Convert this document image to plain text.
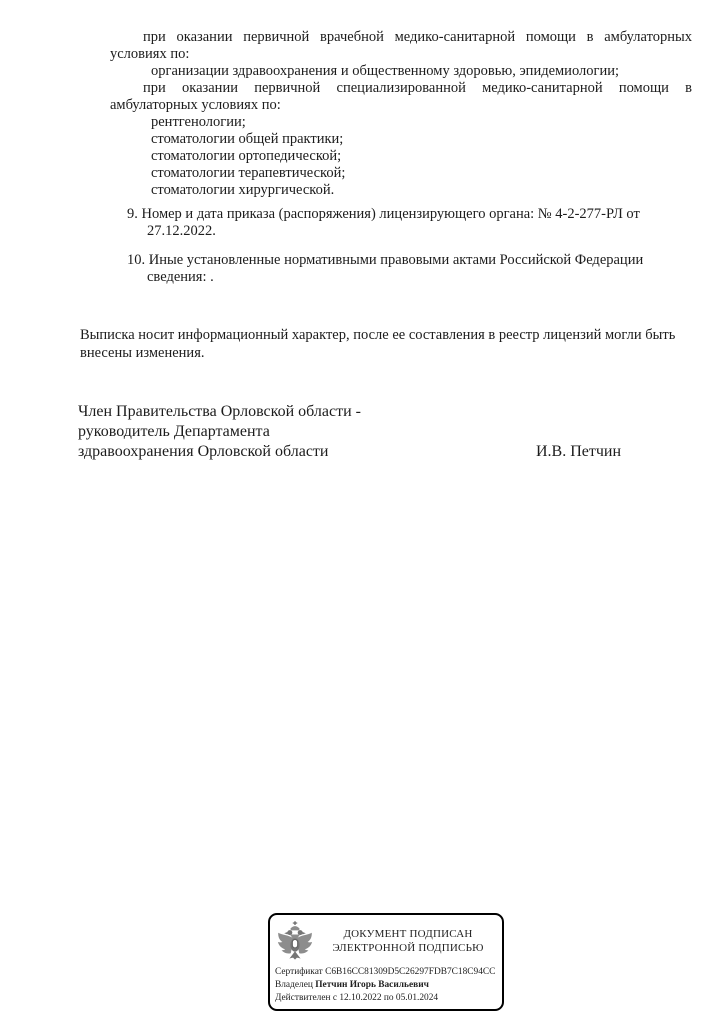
при оказании первичной врачебной медико-санитарной помощи в амбулаторных условиях по:

организации здравоохранения и общественному здоровью, эпидемиологии;

при оказании первичной специализированной медико-санитарной помощи в амбулаторных условиях по:

рентгенологии;

стоматологии общей практики;

стоматологии ортопедической;

стоматологии терапевтической;

стоматологии хирургической.

9. Номер и дата приказа (распоряжения) лицензирующего органа: № 4-2-277-РЛ от 27.12.2022.
10. Иные установленные нормативными правовыми актами Российской Федерации сведения: .
Выписка носит информационный характер, после ее составления в реестр лицензий могли быть внесены изменения.
Член Правительства Орловской области -
руководитель Департамента
здравоохранения Орловской области	И.В. Петчин
ДОКУМЕНТ ПОДПИСАН
ЭЛЕКТРОННОЙ ПОДПИСЬЮ
Сертификат C6B16CC81309D5C26297FDB7C18C94CC
Владелец Петчин Игорь Васильевич
Действителен с 12.10.2022 по 05.01.2024
